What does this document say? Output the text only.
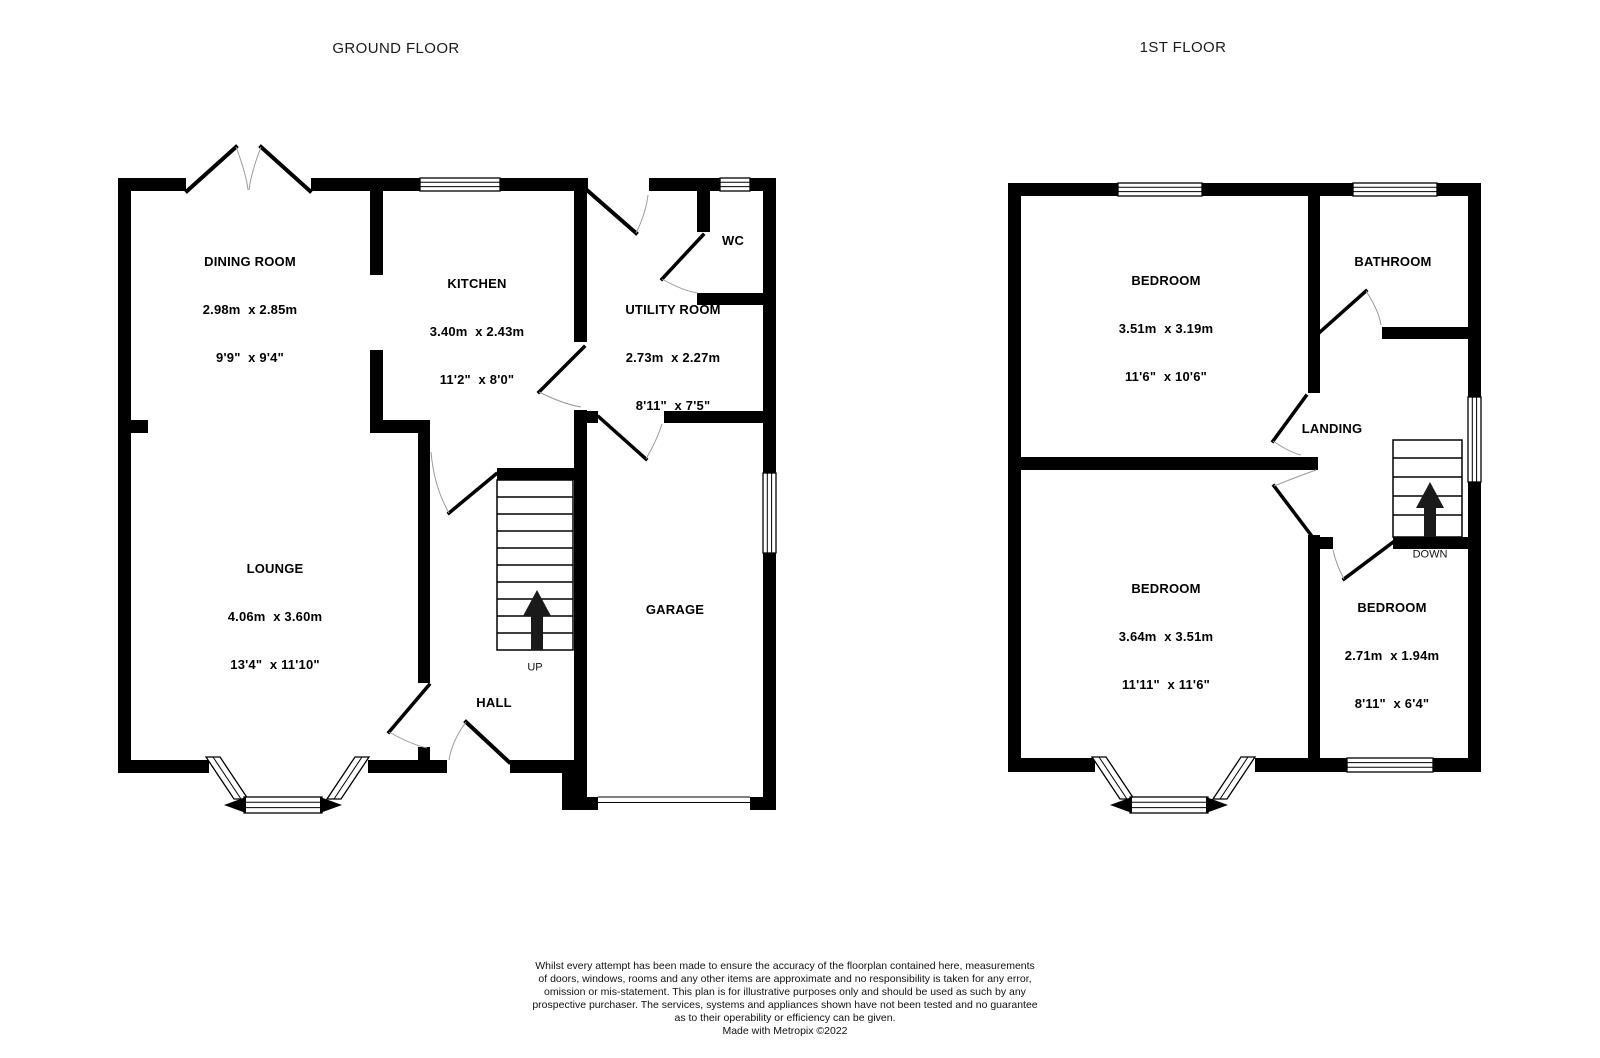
GROUND FLOOR	1ST FLOOR

DINING ROOM

2.98m  x 2.85m

9'9"  x 9'4"

KITCHEN

3.40m  x 2.43m

11'2"  x 8'0"

WC

UTILITY ROOM

2.73m  x 2.27m

8'11"  x 7'5"

LOUNGE

4.06m  x 3.60m

13'4"  x 11'10"

HALL
GARAGE
UP

BEDROOM

3.51m  x 3.19m

11'6"  x 10'6"

BATHROOM
LANDING

BEDROOM

3.64m  x 3.51m

11'11"  x 11'6"

BEDROOM

2.71m  x 1.94m

8'11"  x 6'4"

DOWN
Whilst every attempt has been made to ensure the accuracy of the floorplan contained here, measurements
of doors, windows, rooms and any other items are approximate and no responsibility is taken for any error,
omission or mis-statement. This plan is for illustrative purposes only and should be used as such by any
prospective purchaser. The services, systems and appliances shown have not been tested and no guarantee
as to their operability or efficiency can be given.
Made with Metropix ©2022
